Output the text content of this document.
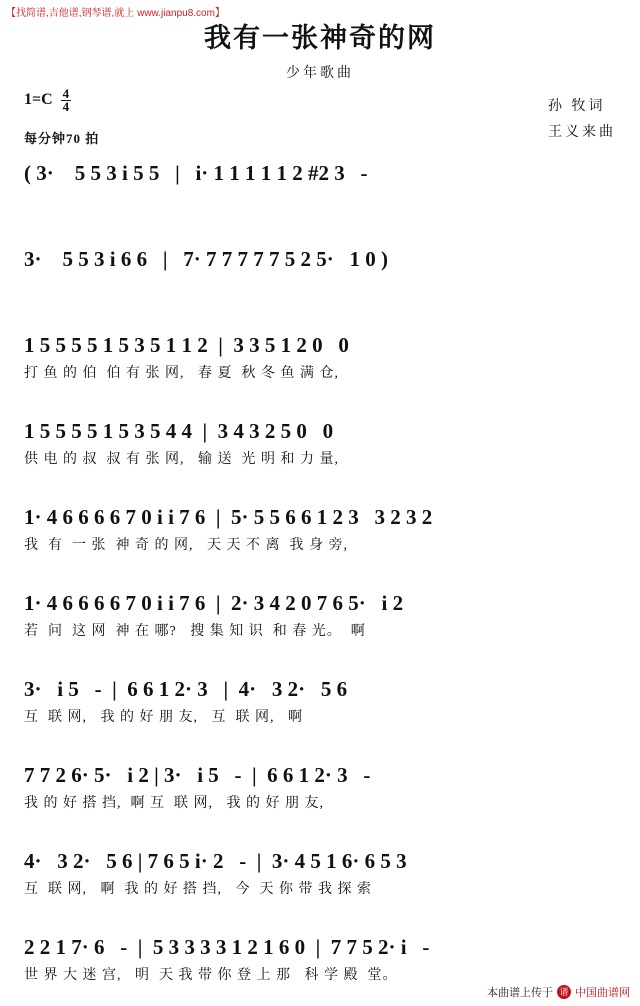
【找简谱,吉他谱,钢琴谱,就上 www.jianpu8.com】
我有一张神奇的网
少年歌曲
$1=C \frac{4}{4}$
每分钟70 拍
孙 牧词
王义来曲
( 3·    5 5 3 i 5 5   |   i· 1 1 1 1 1 2 #2 3   -
3·    5 5 3 i 6 6   |   7· 7 7 7 7 7 5 2 5·   1 0 )
1 5 5 5 5 1 5 3 5 1 1 2  |  3 3 5 1 2 0   0
打 鱼 的 伯  伯 有 张 网,   春 夏  秋 冬 鱼 满 仓,
1 5 5 5 5 1 5 3 5 4 4  |  3 4 3 2 5 0   0
供 电 的 叔  叔 有 张 网,   输 送  光 明 和 力 量,
1· 4 6 6 6 6 7 0 i i 7 6  |  5· 5 5 6 6 1 2 3   3 2 3 2
我  有  一 张  神 奇 的 网,   天 天 不 离  我 身 旁,
1· 4 6 6 6 6 7 0 i i 7 6  |  2· 3 4 2 0 7 6 5·   i 2
若  问  这 网  神 在 哪?   搜 集 知 识  和 春 光。  啊
3·   i 5   -  |  6 6 1 2· 3   |  4·   3 2·   5 6
互  联 网,   我 的 好 朋 友,   互  联 网,   啊
7 7 2 6· 5·   i 2 | 3·   i 5   -  |  6 6 1 2· 3   -
我 的 好 搭 挡,  啊 互  联 网,   我 的 好 朋 友,
4·   3 2·   5 6 | 7 6 5 i· 2   -  |  3· 4 5 1 6· 6 5 3
互  联 网,   啊  我 的 好 搭 挡,   今  天 你 带 我 探 索
2 2 1 7· 6   -  |  5 3 3 3 3 1 2 1 6 0  |  7 7 5 2· i   -
世 界 大 迷 宫,   明  天 我 带 你 登 上 那   科 学 殿  堂。
本曲谱上传于 谱 中国曲谱网
